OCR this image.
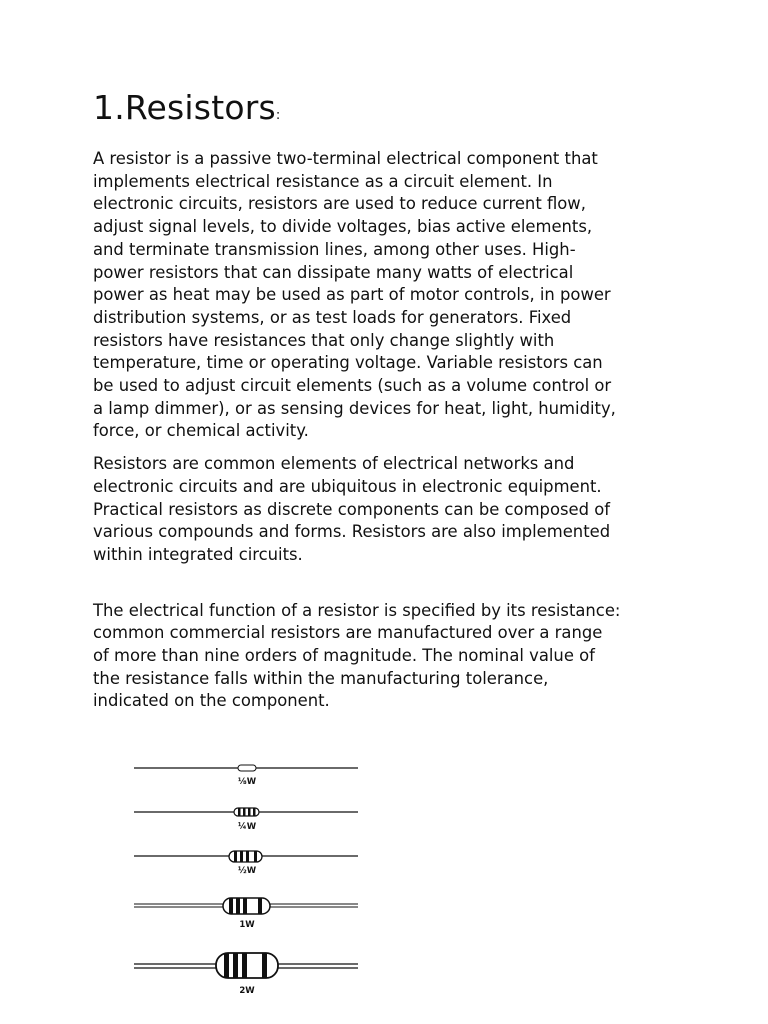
1.Resistors:

A resistor is a passive two-terminal electrical component that
implements electrical resistance as a circuit element. In
electronic circuits, resistors are used to reduce current flow,
adjust signal levels, to divide voltages, bias active elements,
and terminate transmission lines, among other uses. High-
power resistors that can dissipate many watts of electrical
power as heat may be used as part of motor controls, in power
distribution systems, or as test loads for generators. Fixed
resistors have resistances that only change slightly with
temperature, time or operating voltage. Variable resistors can
be used to adjust circuit elements (such as a volume control or
a lamp dimmer), or as sensing devices for heat, light, humidity,
force, or chemical activity.

Resistors are common elements of electrical networks and
electronic circuits and are ubiquitous in electronic equipment.
Practical resistors as discrete components can be composed of
various compounds and forms. Resistors are also implemented
within integrated circuits.

The electrical function of a resistor is specified by its resistance:
common commercial resistors are manufactured over a range
of more than nine orders of magnitude. The nominal value of
the resistance falls within the manufacturing tolerance,
indicated on the component.

⅛W
¼W
½W
1W
2W
